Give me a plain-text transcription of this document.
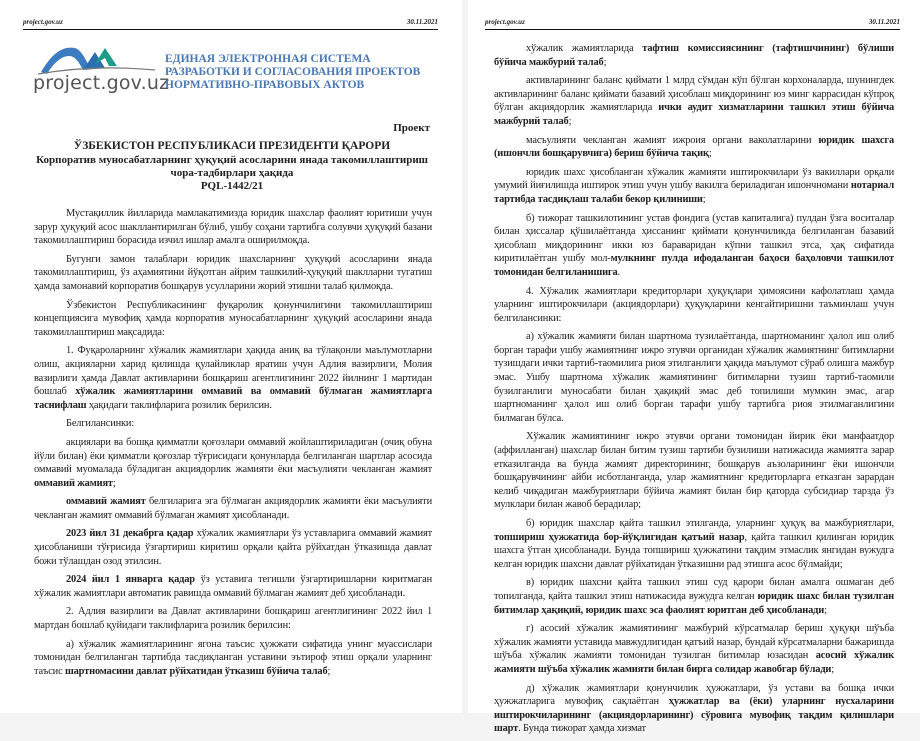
project.gov.uz	30.11.2021
project.gov.uz
ЕДИНАЯ ЭЛЕКТРОННАЯ СИСТЕМА РАЗРАБОТКИ И СОГЛАСОВАНИЯ ПРОЕКТОВ НОРМАТИВНО-ПРАВОВЫХ АКТОВ
Проект
ЎЗБЕКИСТОН РЕСПУБЛИКАСИ ПРЕЗИДЕНТИ ҚАРОРИ
Корпоратив муносабатларнинг ҳуқуқий асосларини янада такомиллаштириш чора-тадбирлари ҳақида
PQL-1442/21

Мустақиллик йилларида мамлакатимизда юридик шахслар фаолият юритиши учун зарур ҳуқуқий асос шакллантирилган бўлиб, ушбу соҳани тартибга солувчи ҳуқуқий базани такомиллаштириш борасида изчил ишлар амалга оширилмоқда.

Бугунги замон талаблари юридик шахсларнинг ҳуқуқий асосларини янада такомиллаштириш, ўз аҳамиятини йўқотган айрим ташкилий-ҳуқуқий шаклларни тугатиш ҳамда замонавий корпоратив бошқарув усулларини жорий этишни талаб қилмоқда.

Ўзбекистон Республикасининг фуқаролик қонунчилигини такомиллаштириш концепциясига мувофиқ ҳамда корпоратив муносабатларнинг ҳуқуқий асосларини янада такомиллаштириш мақсадида:

1. Фуқароларнинг хўжалик жамиятлари ҳақида аниқ ва тўлақонли маълумотларни олиш, акцияларни харид қилишда қулайликлар яратиш учун Адлия вазирлиги, Молия вазирлиги ҳамда Давлат активларини бошқариш агентлигининг 2022 йилнинг 1 мартидан бошлаб хўжалик жамиятларини оммавий ва оммавий бўлмаган жамиятларга таснифлаш ҳақидаги таклифларига розилик берилсин.

Белгилансинки:

акциялари ва бошқа қимматли қоғозлари оммавий жойлаштириладиган (очиқ обуна йўли билан) ёки қимматли қоғозлар тўғрисидаги қонунларда белгиланган шартлар асосида оммавий муомалада бўладиган акциядорлик жамияти ёки масъулияти чекланган жамият оммавий жамият;

оммавий жамият белгиларига эга бўлмаган акциядорлик жамияти ёки масъулияти чекланган жамият оммавий бўлмаган жамият ҳисобланади.

2023 йил 31 декабрга қадар хўжалик жамиятлари ўз уставларига оммавий жамият ҳисобланиши тўғрисида ўзгартириш киритиш орқали қайта рўйхатдан ўтказишда давлат божи тўлашдан озод этилсин.

2024 йил 1 январга қадар ўз уставига тегишли ўзгартиришларни киритмаган хўжалик жамиятлари автоматик равишда оммавий бўлмаган жамият деб ҳисобланади.

2. Адлия вазирлиги ва Давлат активларини бошқариш агентлигининг 2022 йил 1 мартдан бошлаб қуйидаги таклифларига розилик берилсин:

а) хўжалик жамиятларининг ягона таъсис ҳужжати сифатида унинг муассислари томонидан белгиланган тартибда тасдиқланган уставини эътироф этиш орқали уларнинг таъсис шартномасини давлат рўйхатидан ўтказиш бўйича талаб;

project.gov.uz	30.11.2021

хўжалик жамиятларида тафтиш комиссиясининг (тафтишчининг) бўлиши бўйича мажбурий талаб;

активларининг баланс қиймати 1 млрд сўмдан кўп бўлган корхоналарда, шунингдек активларининг баланс қиймати базавий ҳисоблаш миқдорининг юз минг каррасидан кўпроқ бўлган акциядорлик жамиятларида ички аудит хизматларини ташкил этиш бўйича мажбурий талаб;

масъулияти чекланган жамият ижроия органи ваколатларини юридик шахсга (ишончли бошқарувчига) бериш бўйича тақиқ;

юридик шахс ҳисобланган хўжалик жамияти иштирокчилари ўз вакиллари орқали умумий йиғилишда иштирок этиш учун ушбу вакилга бериладиган ишончномани нотариал тартибда тасдиқлаш талаби бекор қилиниши;

б) тижорат ташкилотининг устав фондига (устав капиталига) пулдан ўзга воситалар билан ҳиссалар қўшилаётганда ҳиссанинг қиймати қонунчиликда белгиланган базавий ҳисоблаш миқдорининг икки юз бараваридан кўпни ташкил этса, ҳақ сифатида киритилаётган ушбу мол-мулкнинг пулда ифодаланган баҳоси баҳоловчи ташкилот томонидан белгиланишига.

4. Хўжалик жамиятлари кредиторлари ҳуқуқлари ҳимоясини кафолатлаш ҳамда уларнинг иштирокчилари (акциядорлари) ҳуқуқларини кенгайтиришни таъминлаш учун белгилансинки:

а) хўжалик жамияти билан шартнома тузилаётганда, шартноманинг ҳалол иш олиб борган тарафи ушбу жамиятнинг ижро этувчи органидан хўжалик жамиятнинг битимларни тузишдаги ички тартиб-таомилига риоя этилганлиги ҳақида маълумот сўраб олишга мажбур эмас. Ушбу шартнома хўжалик жамиятининг битимларни тузиш тартиб-таомили бузилганлиги муносабати билан ҳақиқий эмас деб топилиши мумкин эмас, агар шартноманинг ҳалол иш олиб борган тарафи ушбу тартибга риоя этилмаганлигини билмаган бўлса.

Хўжалик жамиятининг ижро этувчи органи томонидан йирик ёки манфаатдор (аффилланган) шахслар билан битим тузиш тартиби бузилиши натижасида жамиятга зарар етказилганда ва бунда жамият директорининг, бошқарув аъзоларининг ёки ишончли бошқарувчининг айби исботланганда, улар жамиятнинг кредиторларга етказган зарардан келиб чиқадиган мажбуриятлари бўйича жамият билан бир қаторда субсидиар тарзда ўз мулклари билан жавоб берадилар;

б) юридик шахслар қайта ташкил этилганда, уларнинг ҳуқуқ ва мажбуриятлари, топшириш ҳужжатида бор-йўқлигидан қатъий назар, қайта ташкил қилинган юридик шахсга ўтган ҳисобланади. Бунда топшириш ҳужжатини тақдим этмаслик янгидан вужудга келган юридик шахсни давлат рўйхатидан ўтказишни рад этишга асос бўлмайди;

в) юридик шахсни қайта ташкил этиш суд қарори билан амалга ошмаган деб топилганда, қайта ташкил этиш натижасида вужудга келган юридик шахс билан тузилган битимлар ҳақиқий, юридик шахс эса фаолият юритган деб ҳисобланади;

г) асосий хўжалик жамиятининг мажбурий кўрсатмалар бериш ҳуқуқи шўъба хўжалик жамияти уставида мавжудлигидан қатъий назар, бундай кўрсатмаларни бажаришда шўъба хўжалик жамияти томонидан тузилган битимлар юзасидан асосий хўжалик жамияти шўъба хўжалик жамияти билан бирга солидар жавобгар бўлади;

д) хўжалик жамиятлари қонунчилик ҳужжатлари, ўз устави ва бошқа ички ҳужжатларига мувофиқ сақлаётган ҳужжатлар ва (ёки) уларнинг нусхаларини иштирокчиларининг (акциядорларининг) сўровига мувофиқ тақдим қилишлари шарт. Бунда тижорат ҳамда хизмат
